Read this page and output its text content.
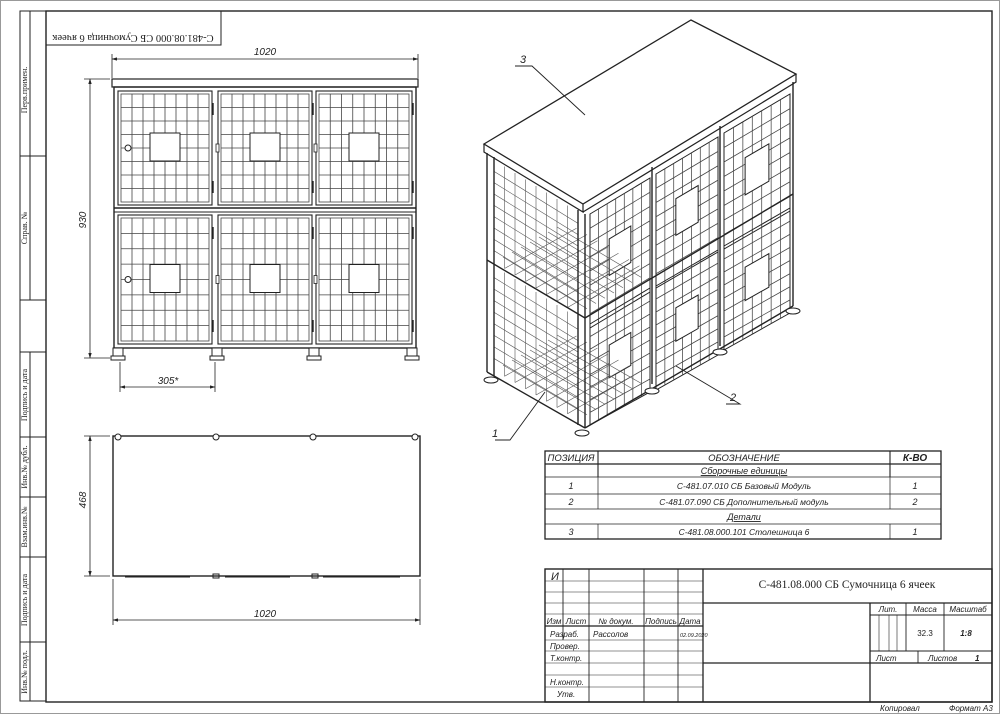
С-481.08.000 СБ Сумочница 6 ячеек
Перв.примен.
Справ. №
Подпись и дата
Инв.№ дубл.
Взам.инв.№
Подпись и дата
Инв.№ подл.
1020
930
305*
468
1020
3
1
2
ПОЗИЦИЯ	ОБОЗНАЧЕНИЕ	К-ВО
Сборочные единицы
1	С-481.07.010 СБ Базовый Модуль	1
2	С-481.07.090 СБ Дополнительный модуль	2
Детали
3	С-481.08.000.101 Столешница 6	1
И
С-481.08.000 СБ Сумочница 6 ячеек
Изм Лист № докум. Подпись Дата
Разраб. Рассолов	02.09.2020
Провер.
Т.контр.
Н.контр.
Утв.
Лит. Масса Масштаб
32.3	1:8
Лист	Листов 1
Копировал	Формат А3
